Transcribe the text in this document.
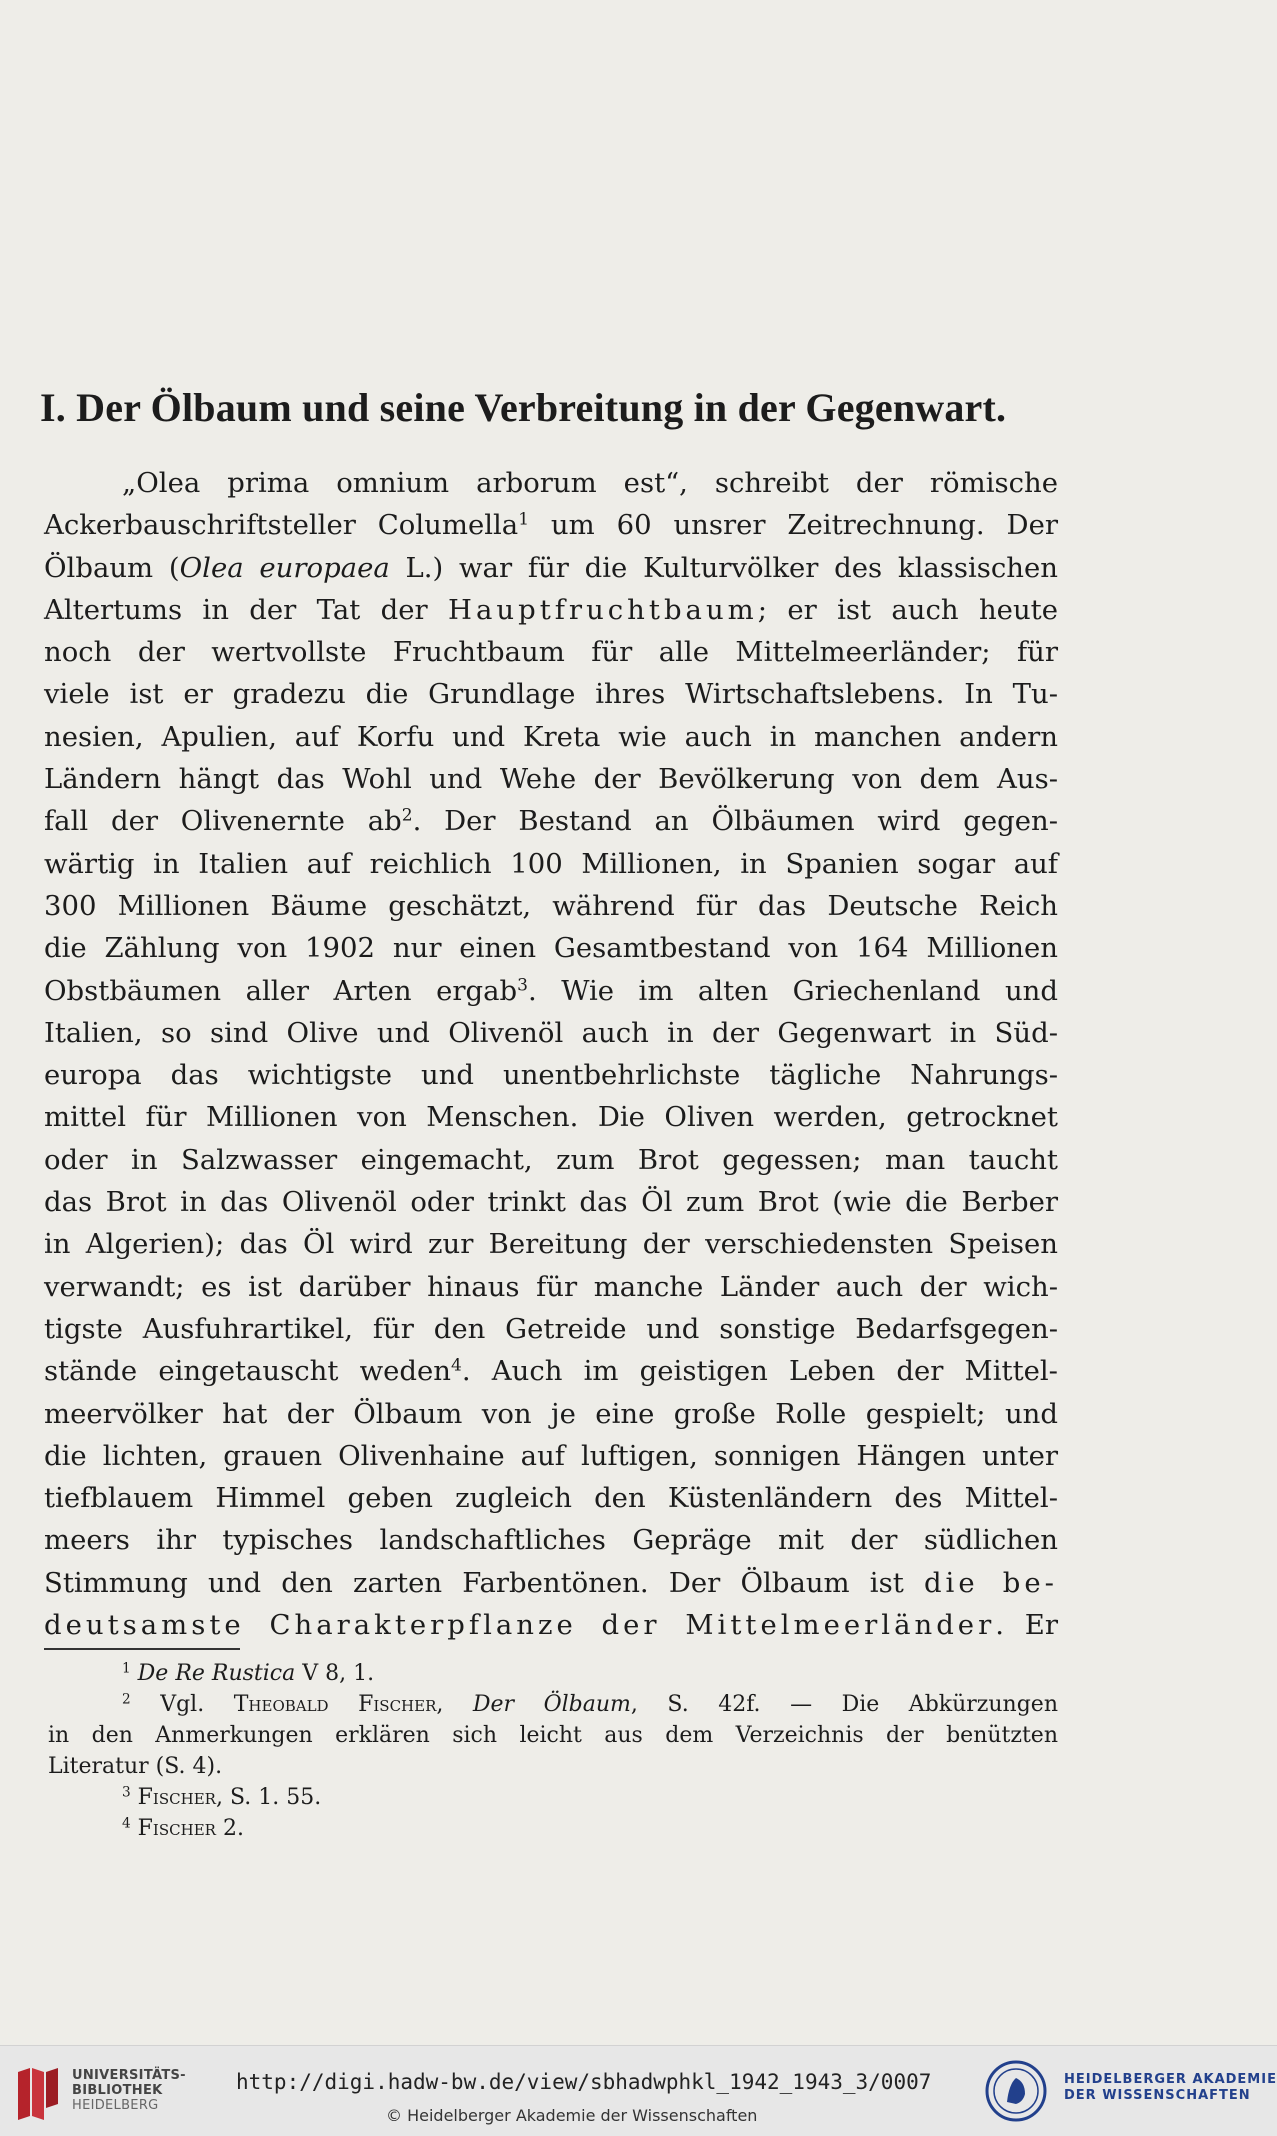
I. Der Ölbaum und seine Verbreitung in der Gegenwart.
„Olea prima omnium arborum est“, schreibt der römische
Ackerbauschriftsteller Columella$^1$ um 60 unsrer Zeitrechnung. Der
Ölbaum (Olea europaea L.) war für die Kulturvölker des klassischen
Altertums in der Tat der Hauptfruchtbaum; er ist auch heute
noch der wertvollste Fruchtbaum für alle Mittelmeerländer; für
viele ist er gradezu die Grundlage ihres Wirtschaftslebens. In Tu-
nesien, Apulien, auf Korfu und Kreta wie auch in manchen andern
Ländern hängt das Wohl und Wehe der Bevölkerung von dem Aus-
fall der Olivenernte $ab^2$. Der Bestand an Ölbäumen wird gegen-
wärtig in Italien auf reichlich 100 Millionen, in Spanien sogar auf
300 Millionen Bäume geschätzt, während für das Deutsche Reich
die Zählung von 1902 nur einen Gesamtbestand von 164 Millionen
Obstbäumen aller Arten ergab$^3$. Wie im alten Griechenland und
Italien, so sind Olive und Olivenöl auch in der Gegenwart in Süd-
europa das wichtigste und unentbehrlichste tägliche Nahrungs-
mittel für Millionen von Menschen. Die Oliven werden, getrocknet
oder in Salzwasser eingemacht, zum Brot gegessen; man taucht
das Brot in das Olivenöl oder trinkt das Öl zum Brot (wie die Berber
in Algerien); das Öl wird zur Bereitung der verschiedensten Speisen
verwandt; es ist darüber hinaus für manche Länder auch der wich-
tigste Ausfuhrartikel, für den Getreide und sonstige Bedarfsgegen-
stände eingetauscht weden$^4$. Auch im geistigen Leben der Mittel-
meervölker hat der Ölbaum von je eine große Rolle gespielt; und
die lichten, grauen Olivenhaine auf luftigen, sonnigen Hängen unter
tiefblauem Himmel geben zugleich den Küstenländern des Mittel-
meers ihr typisches landschaftliches Gepräge mit der südlichen
Stimmung und den zarten Farbentönen. Der Ölbaum ist die be-
deutsamste Charakterpflanze der Mittelmeerländer. Er
$^1$ De Re Rustica V 8, 1.
$^2$ Vgl. Theobald Fischer, Der Ölbaum, S. 42f. — Die Abkürzungen
in den Anmerkungen erklären sich leicht aus dem Verzeichnis der benützten
Literatur (S. 4).
$^3$ Fischer, S. 1. 55.
$^4$ Fischer 2.
UNIVERSITÄTS-
BIBLIOTHEK
HEIDELBERG
http://digi.hadw-bw.de/view/sbhadwphkl_1942_1943_3/0007
© Heidelberger Akademie der Wissenschaften
HEIDELBERGER AKADEMIE
DER WISSENSCHAFTEN
